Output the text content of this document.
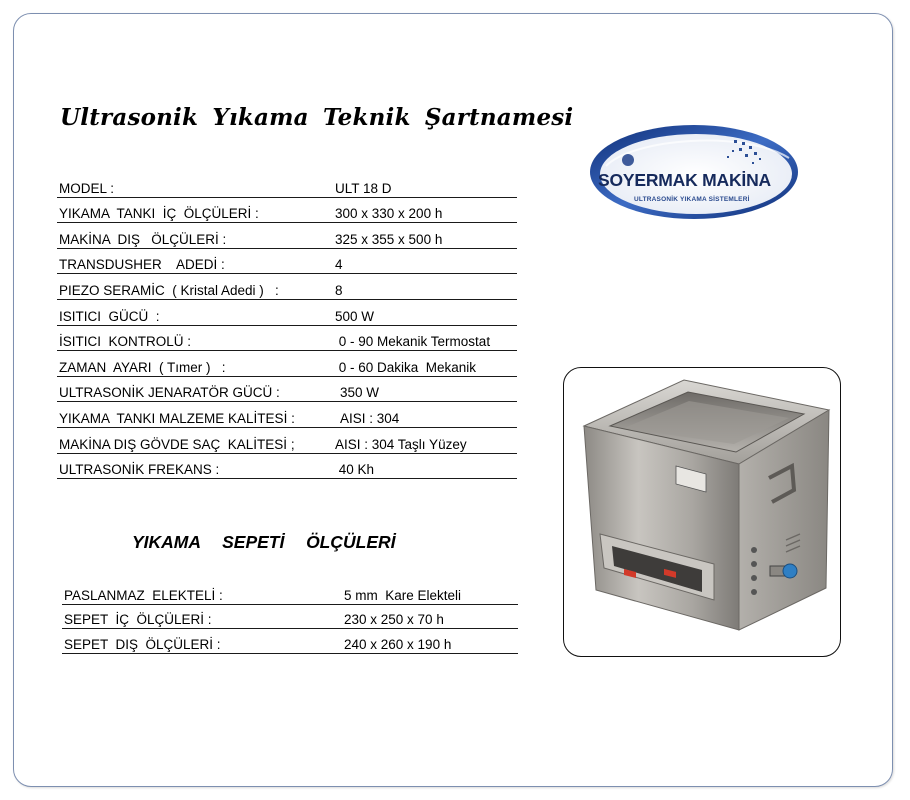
Ultrasonik Yıkama Teknik Şartnamesi
MODEL :	ULT 18 D
YIKAMA  TANKI  İÇ  ÖLÇÜLERİ :	300 x 330 x 200 h
MAKİNA  DIŞ   ÖLÇÜLERİ :	325 x 355 x 500 h
TRANSDUSHER    ADEDİ :	4
PIEZO SERAMİC  ( Kristal Adedi )   :	8
ISITICI  GÜCÜ  :	500 W
İSITICI  KONTROLÜ :	0 - 90 Mekanik Termostat
ZAMAN  AYARI  ( Tımer )   :	0 - 60 Dakika  Mekanik
ULTRASONİK JENARATÖR GÜCÜ :	350 W
YIKAMA  TANKI MALZEME KALİTESİ :	AISI : 304
MAKİNA DIŞ GÖVDE SAÇ  KALİTESİ ;	AISI : 304 Taşlı Yüzey
ULTRASONİK FREKANS :	40 Kh
YIKAMA  SEPETİ  ÖLÇÜLERİ
PASLANMAZ  ELEKTELİ :	5 mm  Kare Elekteli
SEPET  İÇ  ÖLÇÜLERİ :	230 x 250 x 70 h
SEPET  DIŞ  ÖLÇÜLERİ :	240 x 260 x 190 h
SOYERMAK MAKİNA
ULTRASONİK YIKAMA SİSTEMLERİ
